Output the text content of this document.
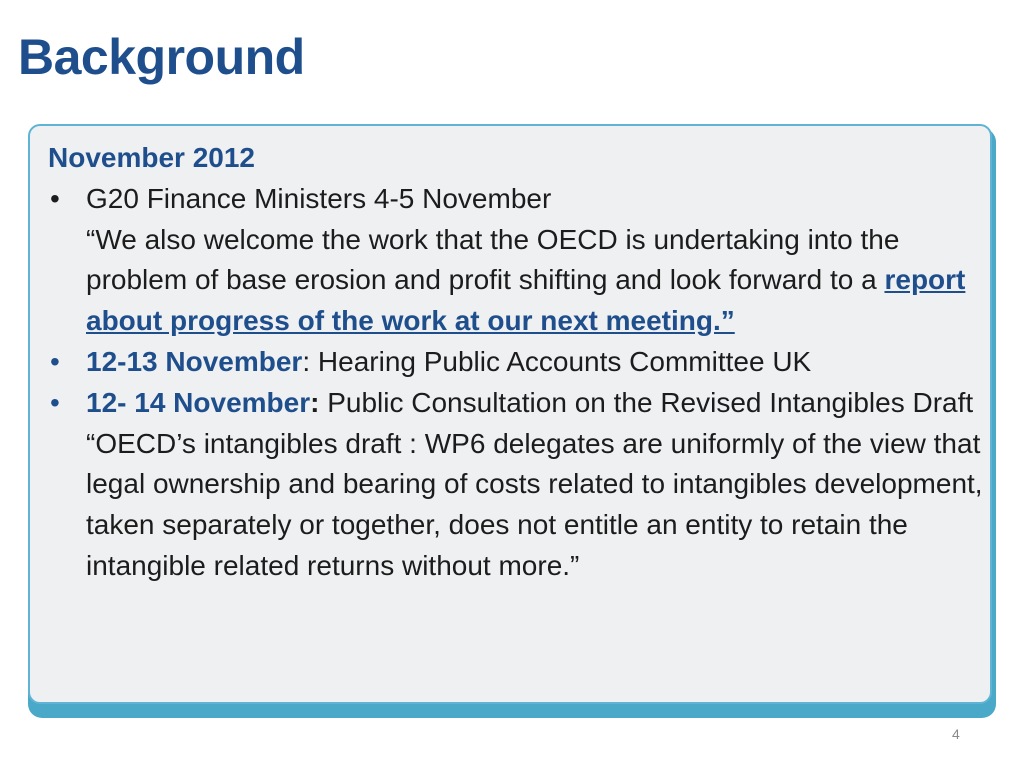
Background
November 2012
• G20 Finance Ministers 4-5 November
“We also welcome the work that the OECD is undertaking into the problem of base erosion and profit shifting and look forward to a report about progress of the work at our next meeting.”
• 12-13 November: Hearing Public Accounts Committee UK
• 12- 14 November: Public Consultation on the Revised Intangibles Draft
“OECD’s intangibles draft : WP6 delegates are uniformly of the view that legal ownership and bearing of costs related to intangibles development, taken separately or together, does not entitle an entity to retain the intangible related returns without more.”
4
